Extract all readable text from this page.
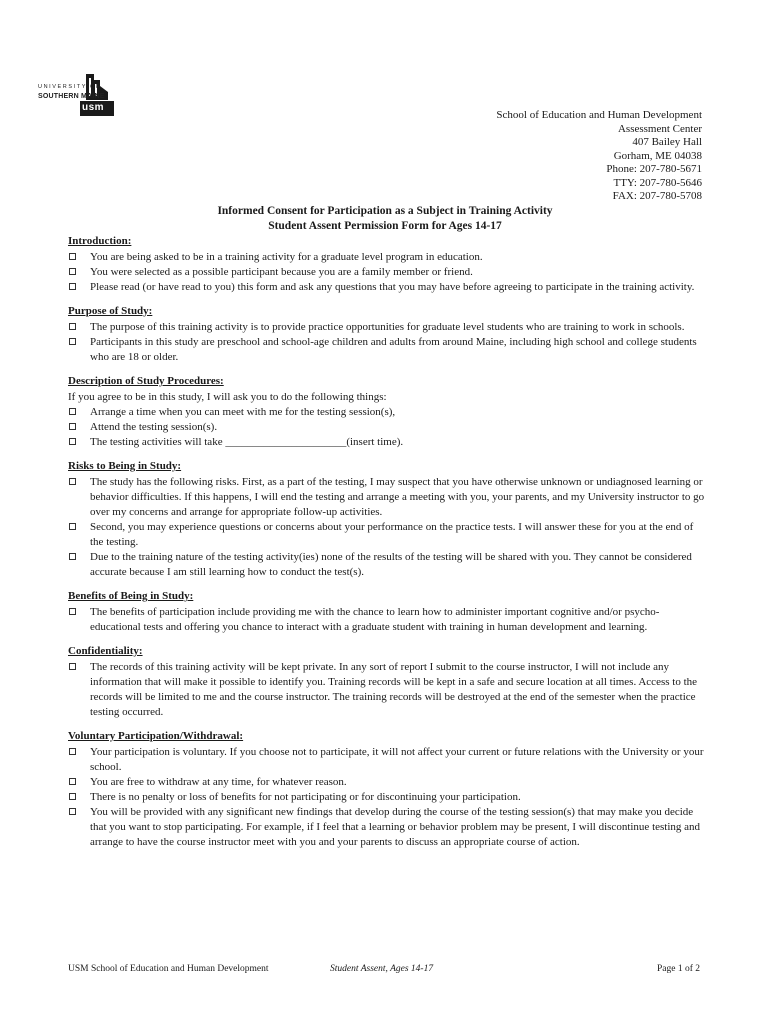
usm
UNIVERSITY OF
SOUTHERN MAINE
School of Education and Human Development
Assessment Center
407 Bailey Hall
Gorham, ME 04038
Phone: 207-780-5671
TTY: 207-780-5646
FAX: 207-780-5708
Informed Consent for Participation as a Subject in Training Activity
Student Assent Permission Form for Ages 14-17
Introduction:
You are being asked to be in a training activity for a graduate level program in education.
You were selected as a possible participant because you are a family member or friend.
Please read (or have read to you) this form and ask any questions that you may have before agreeing to participate in the training activity.
Purpose of Study:
The purpose of this training activity is to provide practice opportunities for graduate level students who are training to work in schools.
Participants in this study are preschool and school-age children and adults from around Maine, including high school and college students who are 18 or older.
Description of Study Procedures:
If you agree to be in this study, I will ask you to do the following things:
Arrange a time when you can meet with me for the testing session(s),
Attend the testing session(s).
The testing activities will take ______________________(insert time).
Risks to Being in Study:
The study has the following risks. First, as a part of the testing, I may suspect that you have otherwise unknown or undiagnosed learning or behavior difficulties. If this happens, I will end the testing and arrange a meeting with you, your parents, and my University instructor to go over my concerns and arrange for appropriate follow-up activities.
Second, you may experience questions or concerns about your performance on the practice tests. I will answer these for you at the end of the testing.
Due to the training nature of the testing activity(ies) none of the results of the testing will be shared with you. They cannot be considered accurate because I am still learning how to conduct the test(s).
Benefits of Being in Study:
The benefits of participation include providing me with the chance to learn how to administer important cognitive and/or psycho-educational tests and offering you chance to interact with a graduate student with training in human development and learning.
Confidentiality:
The records of this training activity will be kept private. In any sort of report I submit to the course instructor, I will not include any information that will make it possible to identify you. Training records will be kept in a safe and secure location at all times. Access to the records will be limited to me and the course instructor. The training records will be destroyed at the end of the semester when the practice testing occurred.
Voluntary Participation/Withdrawal:
Your participation is voluntary. If you choose not to participate, it will not affect your current or future relations with the University or your school.
You are free to withdraw at any time, for whatever reason.
There is no penalty or loss of benefits for not participating or for discontinuing your participation.
You will be provided with any significant new findings that develop during the course of the testing session(s) that may make you decide that you want to stop participating. For example, if I feel that a learning or behavior problem may be present, I will discontinue testing and arrange to have the course instructor meet with you and your parents to discuss an appropriate course of action.
USM School of Education and Human Development	Student Assent, Ages 14-17	Page 1 of 2
